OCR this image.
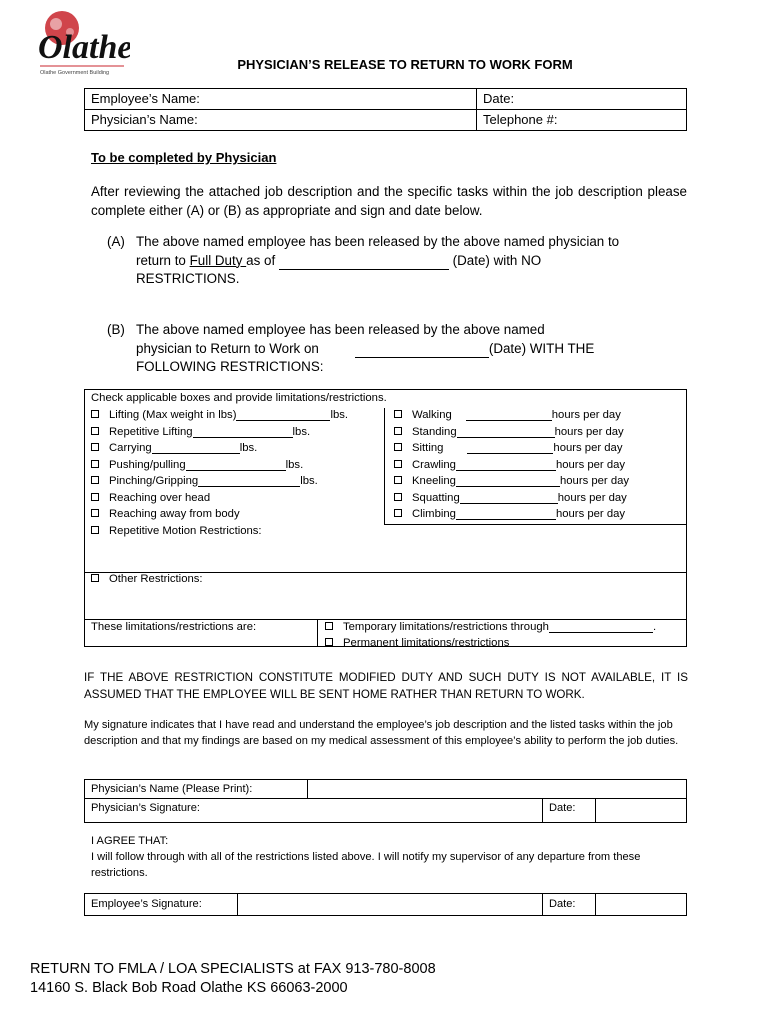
Olathe
Olathe Government Building
PHYSICIAN’S RELEASE TO RETURN TO WORK FORM
Employee’s Name:	Date:
Physician’s Name:	Telephone #:
To be completed by Physician
After reviewing the attached job description and the specific tasks within the job description please complete either (A) or (B) as appropriate and sign and date below.
(A) The above named employee has been released by the above named physician to
return to Full Duty as of	(Date) with NO
RESTRICTIONS.
(B) The above named employee has been released by the above named
physician to Return to Work on	(Date) WITH THE
FOLLOWING RESTRICTIONS:
Check applicable boxes and provide limitations/restrictions.
Lifting (Max weight in lbs)	lbs.
Repetitive Lifting	lbs.
Carrying	lbs.
Pushing/pulling	lbs.
Pinching/Gripping	lbs.
Reaching over head
Reaching away from body
Repetitive Motion Restrictions:
Walking	hours per day
Standing	hours per day
Sitting	hours per day
Crawling	hours per day
Kneeling	hours per day
Squatting	hours per day
Climbing	hours per day
Other Restrictions:
These limitations/restrictions are:	Temporary limitations/restrictions through	.
Permanent limitations/restrictions
IF THE ABOVE RESTRICTION CONSTITUTE MODIFIED DUTY AND SUCH DUTY IS NOT AVAILABLE, IT IS ASSUMED THAT THE EMPLOYEE WILL BE SENT HOME RATHER THAN RETURN TO WORK.
My signature indicates that I have read and understand the employee’s job description and the listed tasks within the job description and that my findings are based on my medical assessment of this employee’s ability to perform the job duties.
Physician’s Name (Please Print):			
Physician’s Signature:		Date:	
I AGREE THAT:
I will follow through with all of the restrictions listed above. I will notify my supervisor of any departure from these restrictions.
Employee’s Signature:		Date:	
RETURN TO FMLA / LOA SPECIALISTS at FAX 913-780-8008
14160 S. Black Bob Road Olathe KS 66063-2000
